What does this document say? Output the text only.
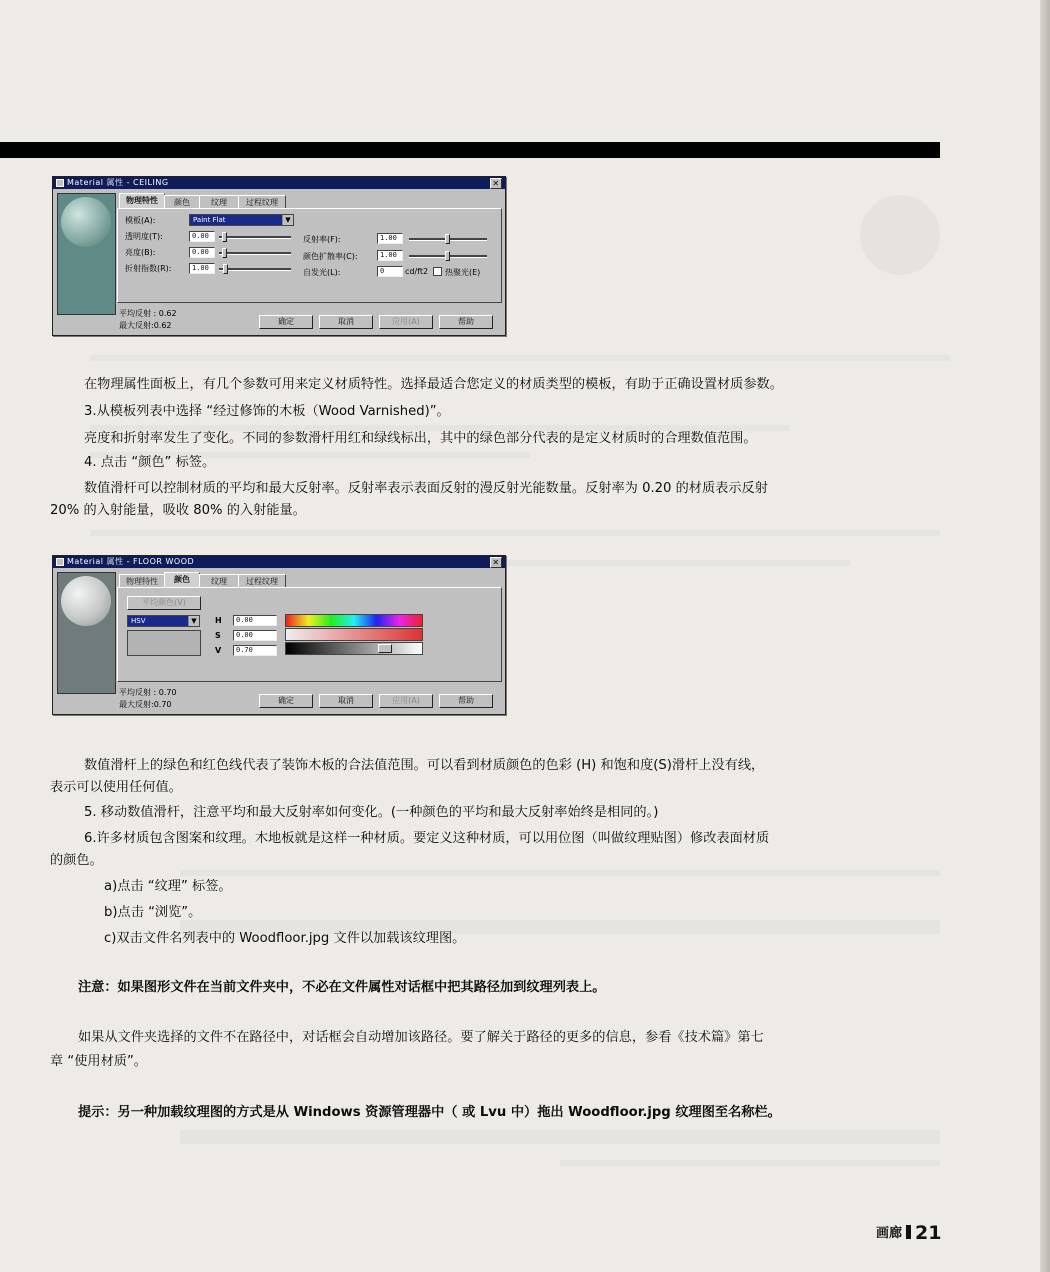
Material 属性 - CEILING	✕
物理特性	颜色	纹理	过程纹理
模板(A):	Paint Flat	▼
透明度(T):	0.00
亮度(B):	0.00
折射指数(R):	1.00
反射率(F):	1.00
颜色扩散率(C):	1.00
自发光(L):	0	cd/ft2 热聚光(E)
平均反射 : 0.62
最大反射:0.62	确定	取消	应用(A)	帮助
Material 属性 - FLOOR WOOD	✕
物理特性	颜色	纹理	过程纹理
平均颜色(V)
HSV	▼ H	0.00
S	0.00
V	0.70
平均反射 : 0.70
最大反射:0.70	确定	取消	应用(A)	帮助
在物理属性面板上，有几个参数可用来定义材质特性。选择最适合您定义的材质类型的模板，有助于正确设置材质参数。
3.从模板列表中选择 “经过修饰的木板（Wood Varnished)”。
亮度和折射率发生了变化。不同的参数滑杆用红和绿线标出，其中的绿色部分代表的是定义材质时的合理数值范围。
4. 点击 “颜色” 标签。
数值滑杆可以控制材质的平均和最大反射率。反射率表示表面反射的漫反射光能数量。反射率为 0.20 的材质表示反射
20% 的入射能量，吸收 80% 的入射能量。
数值滑杆上的绿色和红色线代表了装饰木板的合法值范围。可以看到材质颜色的色彩 (H) 和饱和度(S)滑杆上没有线，
表示可以使用任何值。
5. 移动数值滑杆，注意平均和最大反射率如何变化。(一种颜色的平均和最大反射率始终是相同的。)
6.许多材质包含图案和纹理。木地板就是这样一种材质。要定义这种材质，可以用位图（叫做纹理贴图）修改表面材质
的颜色。
a)点击 “纹理” 标签。
b)点击 “浏览”。
c)双击文件名列表中的 Woodfloor.jpg 文件以加载该纹理图。
注意：如果图形文件在当前文件夹中，不必在文件属性对话框中把其路径加到纹理列表上。
如果从文件夹选择的文件不在路径中，对话框会自动增加该路径。要了解关于路径的更多的信息，参看《技术篇》第七
章 “使用材质”。
提示：另一种加载纹理图的方式是从 Windows 资源管理器中（ 或 Lvu 中）拖出 Woodfloor.jpg 纹理图至名称栏。
画廊 21
